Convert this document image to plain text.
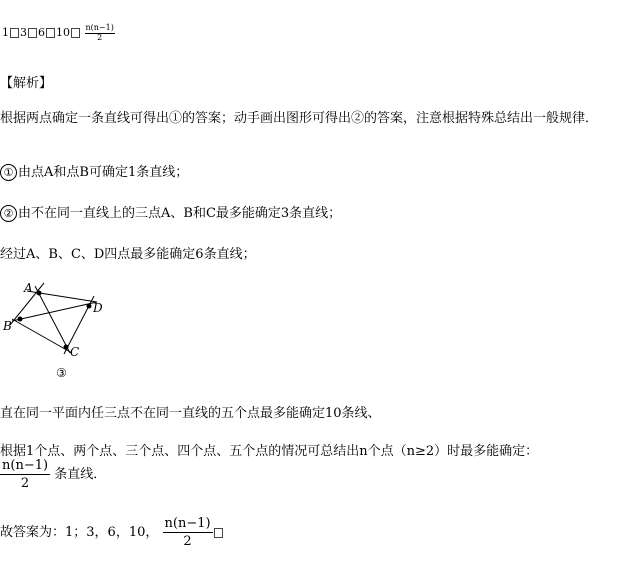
1 3 6 $10 \frac{n(n-1)}{2}$
【解析】
根据两点确定一条直线可得出①的答案；动手画出图形可得出②的答案，注意根据特殊总结出一般规律．
① 由点A和点B可确定1条直线；
② 由不在同一直线上的三点A、B和C最多能确定3条直线；
经过A、B、C、D四点最多能确定6条直线；
A
B
C
D
③
直在同一平面内任三点不在同一直线的五个点最多能确定10条线、
根据1个点、两个点、三个点、四个点、五个点的情况可总结出n个点（n≥2）时最多能确定：
$\frac{n(n-1)}{2}$ 条直线．
故答案为：1；3，6，10， $\frac{n(n-1)}{2}$
